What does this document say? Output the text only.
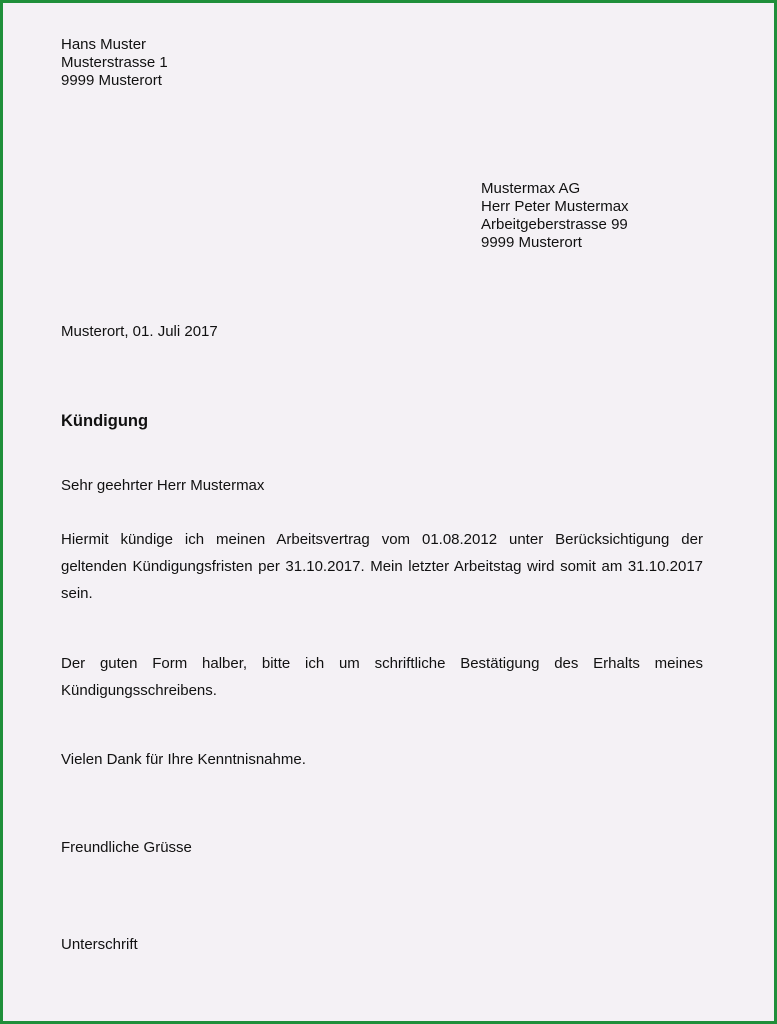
Hans Muster
Musterstrasse 1
9999 Musterort
Mustermax AG
Herr Peter Mustermax
Arbeitgeberstrasse 99
9999 Musterort
Musterort, 01. Juli 2017
Kündigung
Sehr geehrter Herr Mustermax
Hiermit kündige ich meinen Arbeitsvertrag vom 01.08.2012 unter Berücksichtigung der geltenden Kündigungsfristen per 31.10.2017. Mein letzter Arbeitstag wird somit am 31.10.2017 sein.
Der guten Form halber, bitte ich um schriftliche Bestätigung des Erhalts meines Kündigungsschreibens.
Vielen Dank für Ihre Kenntnisnahme.
Freundliche Grüsse
Unterschrift
